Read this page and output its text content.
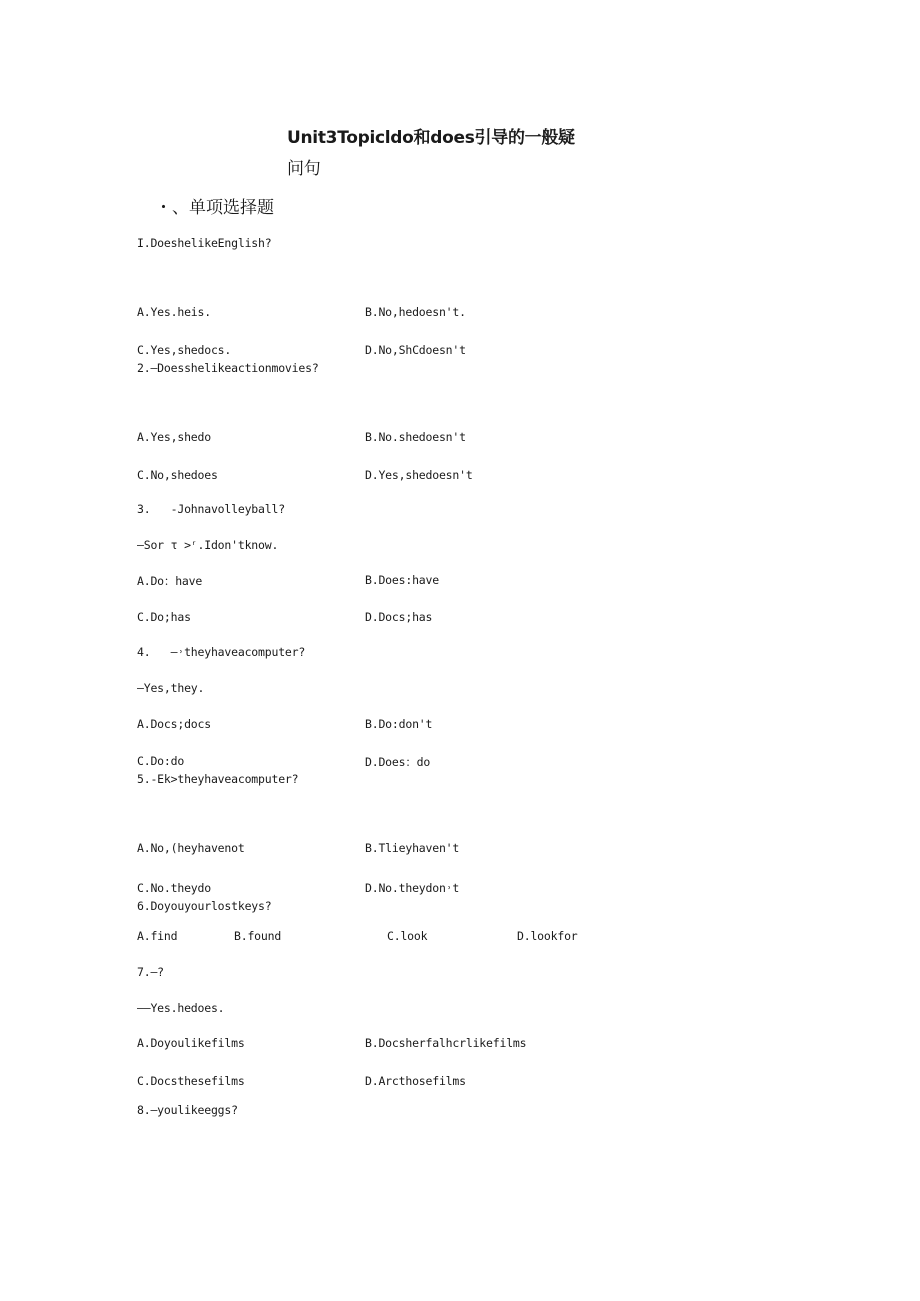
Unit3Topicldo和does引导的一般疑
问句
・、单项选择题
I.DoeshelikeEnglish?
A.Yes.heis.	B.No,hedoesn't.
C.Yes,shedocs.	D.No,ShCdoesn't
2.—Doesshelikeactionmovies?
A.Yes,shedo	B.No.shedoesn't
C.No,shedoes	D.Yes,shedoesn't
3.   -Johnavolleyball?
—Sor τ >ʳ.Idon'tknow.
A.Do：have	B.Does:have
C.Do;has	D.Docs;has
4.   —˒theyhaveacomputer?
—Yes,they.
A.Docs;docs	B.Do:don't
C.Do:do	D.Does：do
5.-Ek>theyhaveacomputer?
A.No,(heyhavenot	B.Tlieyhaven't
C.No.theydo	D.No.theydon˒t
6.Doyouyourlostkeys?
A.find	B.found	C.look	D.lookfor
7.—?
——Yes.hedoes.
A.Doyoulikefilms	B.Docsherfalhcrlikefilms
C.Docsthesefilms	D.Arcthosefilms
8.—youlikeeggs?
